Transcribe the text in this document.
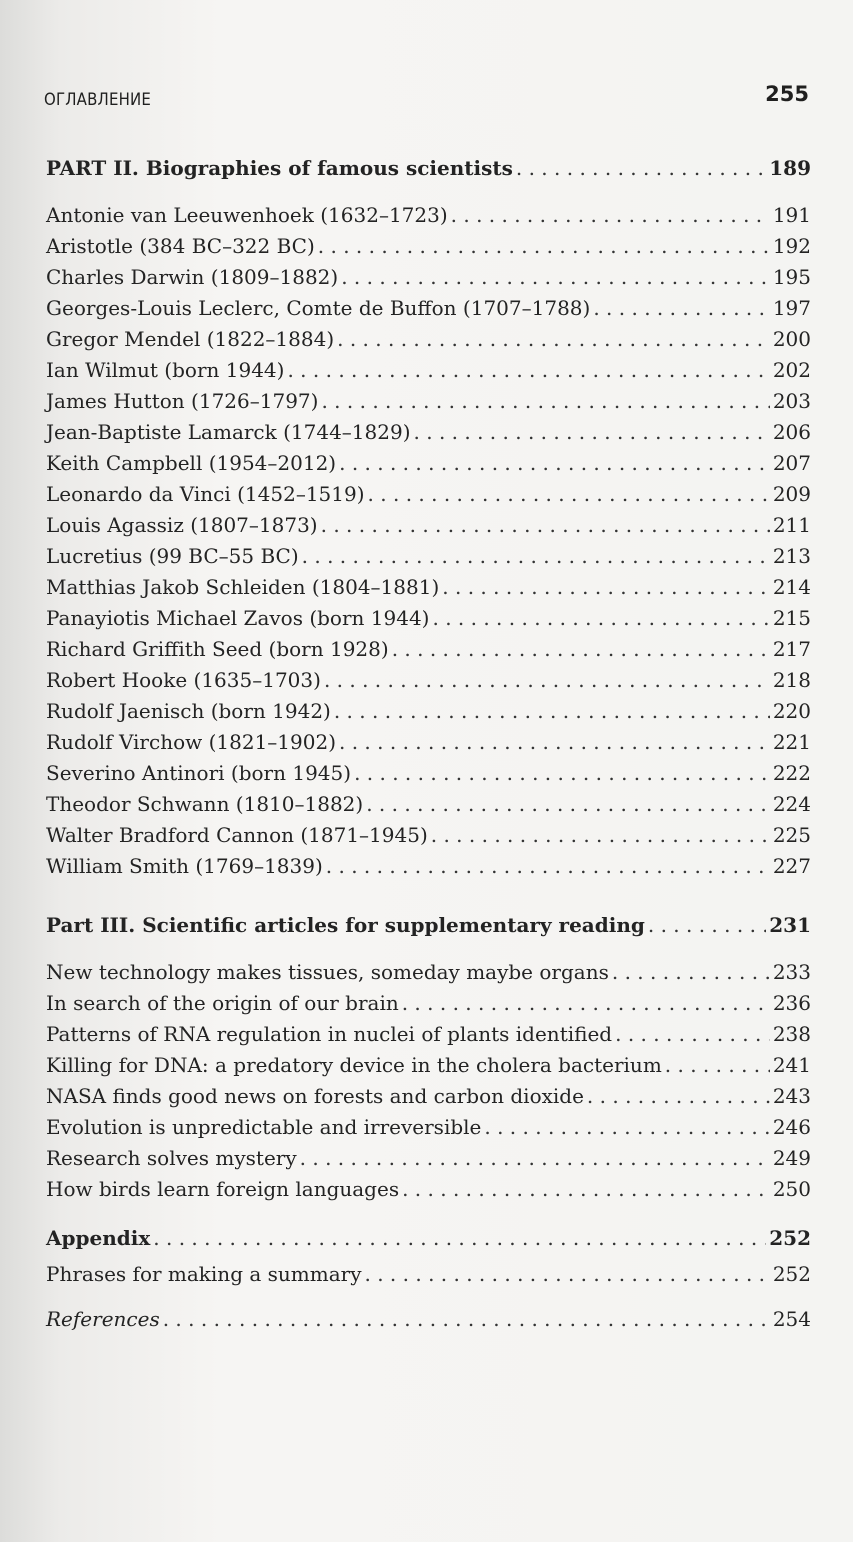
ОГЛАВЛЕНИЕ	255
PART II. Biographies of famous scientists . . .	189
Antonie van Leeuwenhoek (1632–1723) . . .	191
Aristotle (384 BC–322 BC) . . .	192
Charles Darwin (1809–1882) . . .	195
Georges-Louis Leclerc, Comte de Buffon (1707–1788) . . .	197
Gregor Mendel (1822–1884) . . .	200
Ian Wilmut (born 1944) . . .	202
James Hutton (1726–1797) . . .	203
Jean-Baptiste Lamarck (1744–1829) . . .	206
Keith Campbell (1954–2012) . . .	207
Leonardo da Vinci (1452–1519) . . .	209
Louis Agassiz (1807–1873) . . .	211
Lucretius (99 BC–55 BC) . . .	213
Matthias Jakob Schleiden (1804–1881) . . .	214
Panayiotis Michael Zavos (born 1944) . . .	215
Richard Griffith Seed (born 1928) . . .	217
Robert Hooke (1635–1703) . . .	218
Rudolf Jaenisch (born 1942) . . .	220
Rudolf Virchow (1821–1902) . . .	221
Severino Antinori (born 1945) . . .	222
Theodor Schwann (1810–1882) . . .	224
Walter Bradford Cannon (1871–1945) . . .	225
William Smith (1769–1839) . . .	227
Part III. Scientific articles for supplementary reading . . .	231
New technology makes tissues, someday maybe organs . . .	233
In search of the origin of our brain . . .	236
Patterns of RNA regulation in nuclei of plants identified . . .	238
Killing for DNA: a predatory device in the cholera bacterium . . .	241
NASA finds good news on forests and carbon dioxide . . .	243
Evolution is unpredictable and irreversible . . .	246
Research solves mystery . . .	249
How birds learn foreign languages . . .	250
Appendix . . .	252
Phrases for making a summary . . .	252
References . . .	254
